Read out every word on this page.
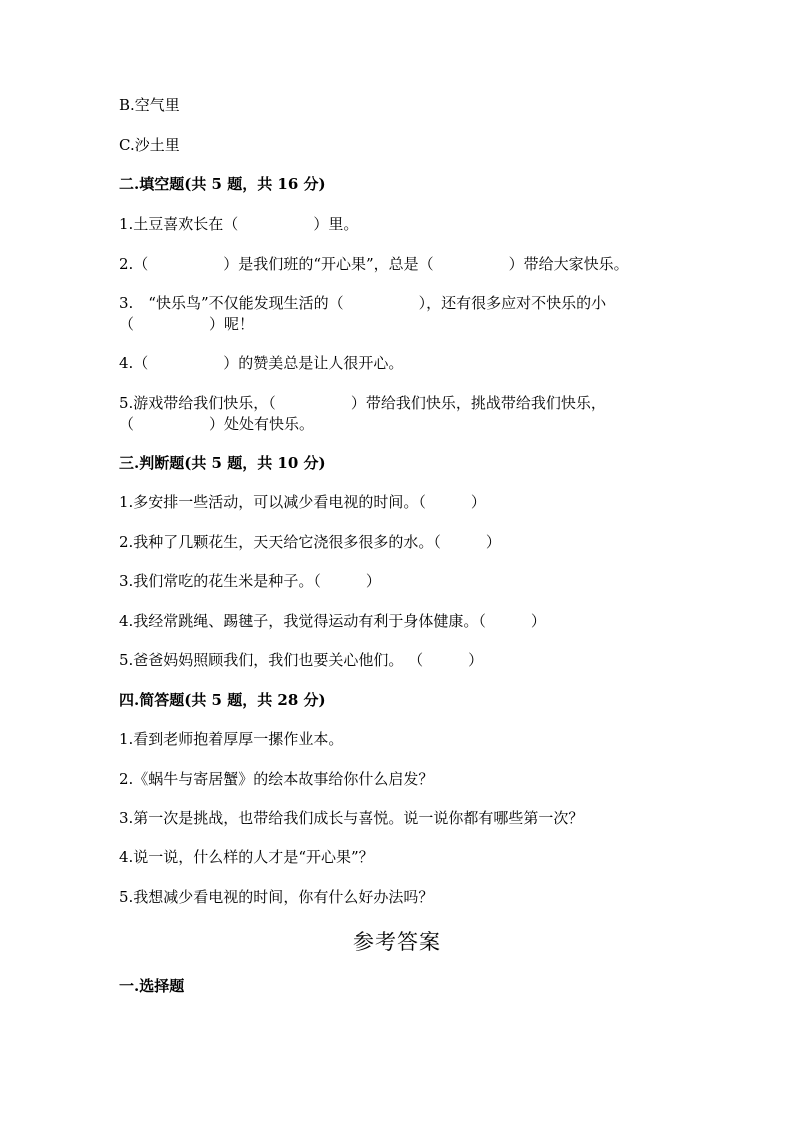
B.空气里

C.沙土里

二.填空题(共 5 题，共 16 分)

1.土豆喜欢长在（　　　　　）里。

2.（　　　　　）是我们班的“开心果”，总是（　　　　　）带给大家快乐。

3.　“快乐鸟”不仅能发现生活的（　　　　　），还有很多应对不快乐的小

（　　　　　）呢！

4.（　　　　　）的赞美总是让人很开心。

5.游戏带给我们快乐，（　　　　　）带给我们快乐，挑战带给我们快乐，

（　　　　　）处处有快乐。

三.判断题(共 5 题，共 10 分)

1.多安排一些活动，可以减少看电视的时间。（　　　）

2.我种了几颗花生，天天给它浇很多很多的水。（　　　）

3.我们常吃的花生米是种子。（　　　）

4.我经常跳绳、踢毽子，我觉得运动有利于身体健康。（　　　）

5.爸爸妈妈照顾我们，我们也要关心他们。 （　　　）

四.简答题(共 5 题，共 28 分)

1.看到老师抱着厚厚一摞作业本。

2.《蜗牛与寄居蟹》的绘本故事给你什么启发？

3.第一次是挑战，也带给我们成长与喜悦。说一说你都有哪些第一次？

4.说一说，什么样的人才是“开心果”？

5.我想减少看电视的时间，你有什么好办法吗？

参考答案

一.选择题
